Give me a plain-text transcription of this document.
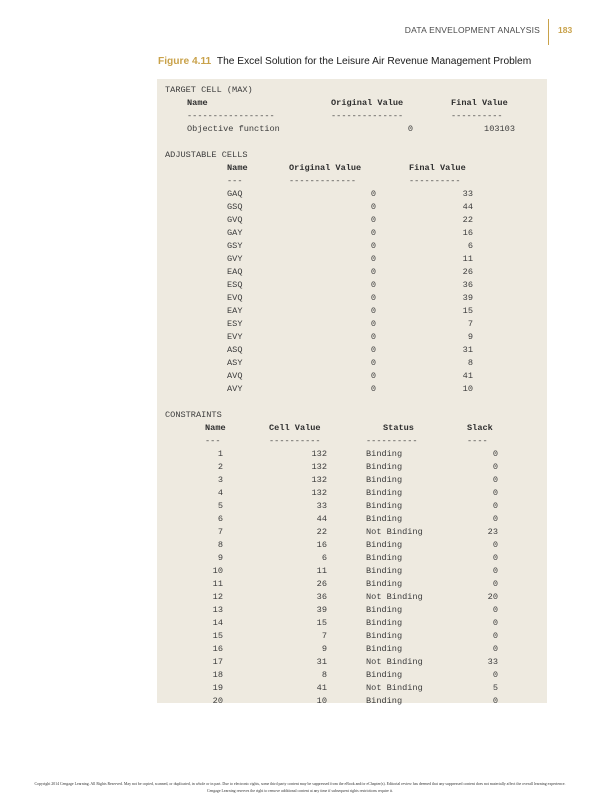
DATA ENVELOPMENT ANALYSIS 183
Figure 4.11 The Excel Solution for the Leisure Air Revenue Management Problem
TARGET CELL (MAX)
Name	Original Value	Final Value
-----------------	--------------	----------
Objective function	0	103103
ADJUSTABLE CELLS
Name	Original Value	Final Value
---	-------------	----------
GAQ	0	33
GSQ	0	44
GVQ	0	22
GAY	0	16
GSY	0	6
GVY	0	11
EAQ	0	26
ESQ	0	36
EVQ	0	39
EAY	0	15
ESY	0	7
EVY	0	9
ASQ	0	31
ASY	0	8
AVQ	0	41
AVY	0	10
CONSTRAINTS
Name	Cell Value	Status	Slack
---	----------	----------	----
1	132	Binding	0
2	132	Binding	0
3	132	Binding	0
4	132	Binding	0
5	33	Binding	0
6	44	Binding	0
7	22	Not Binding	23
8	16	Binding	0
9	6	Binding	0
10	11	Binding	0
11	26	Binding	0
12	36	Not Binding	20
13	39	Binding	0
14	15	Binding	0
15	7	Binding	0
16	9	Binding	0
17	31	Not Binding	33
18	8	Binding	0
19	41	Not Binding	5
20	10	Binding	0
Copyright 2014 Cengage Learning. All Rights Reserved. May not be copied, scanned, or duplicated, in whole or in part. Due to electronic rights, some third party content may be suppressed from the eBook and/or eChapter(s). Editorial review has deemed that any suppressed content does not materially affect the overall learning experience. Cengage Learning reserves the right to remove additional content at any time if subsequent rights restrictions require it.
